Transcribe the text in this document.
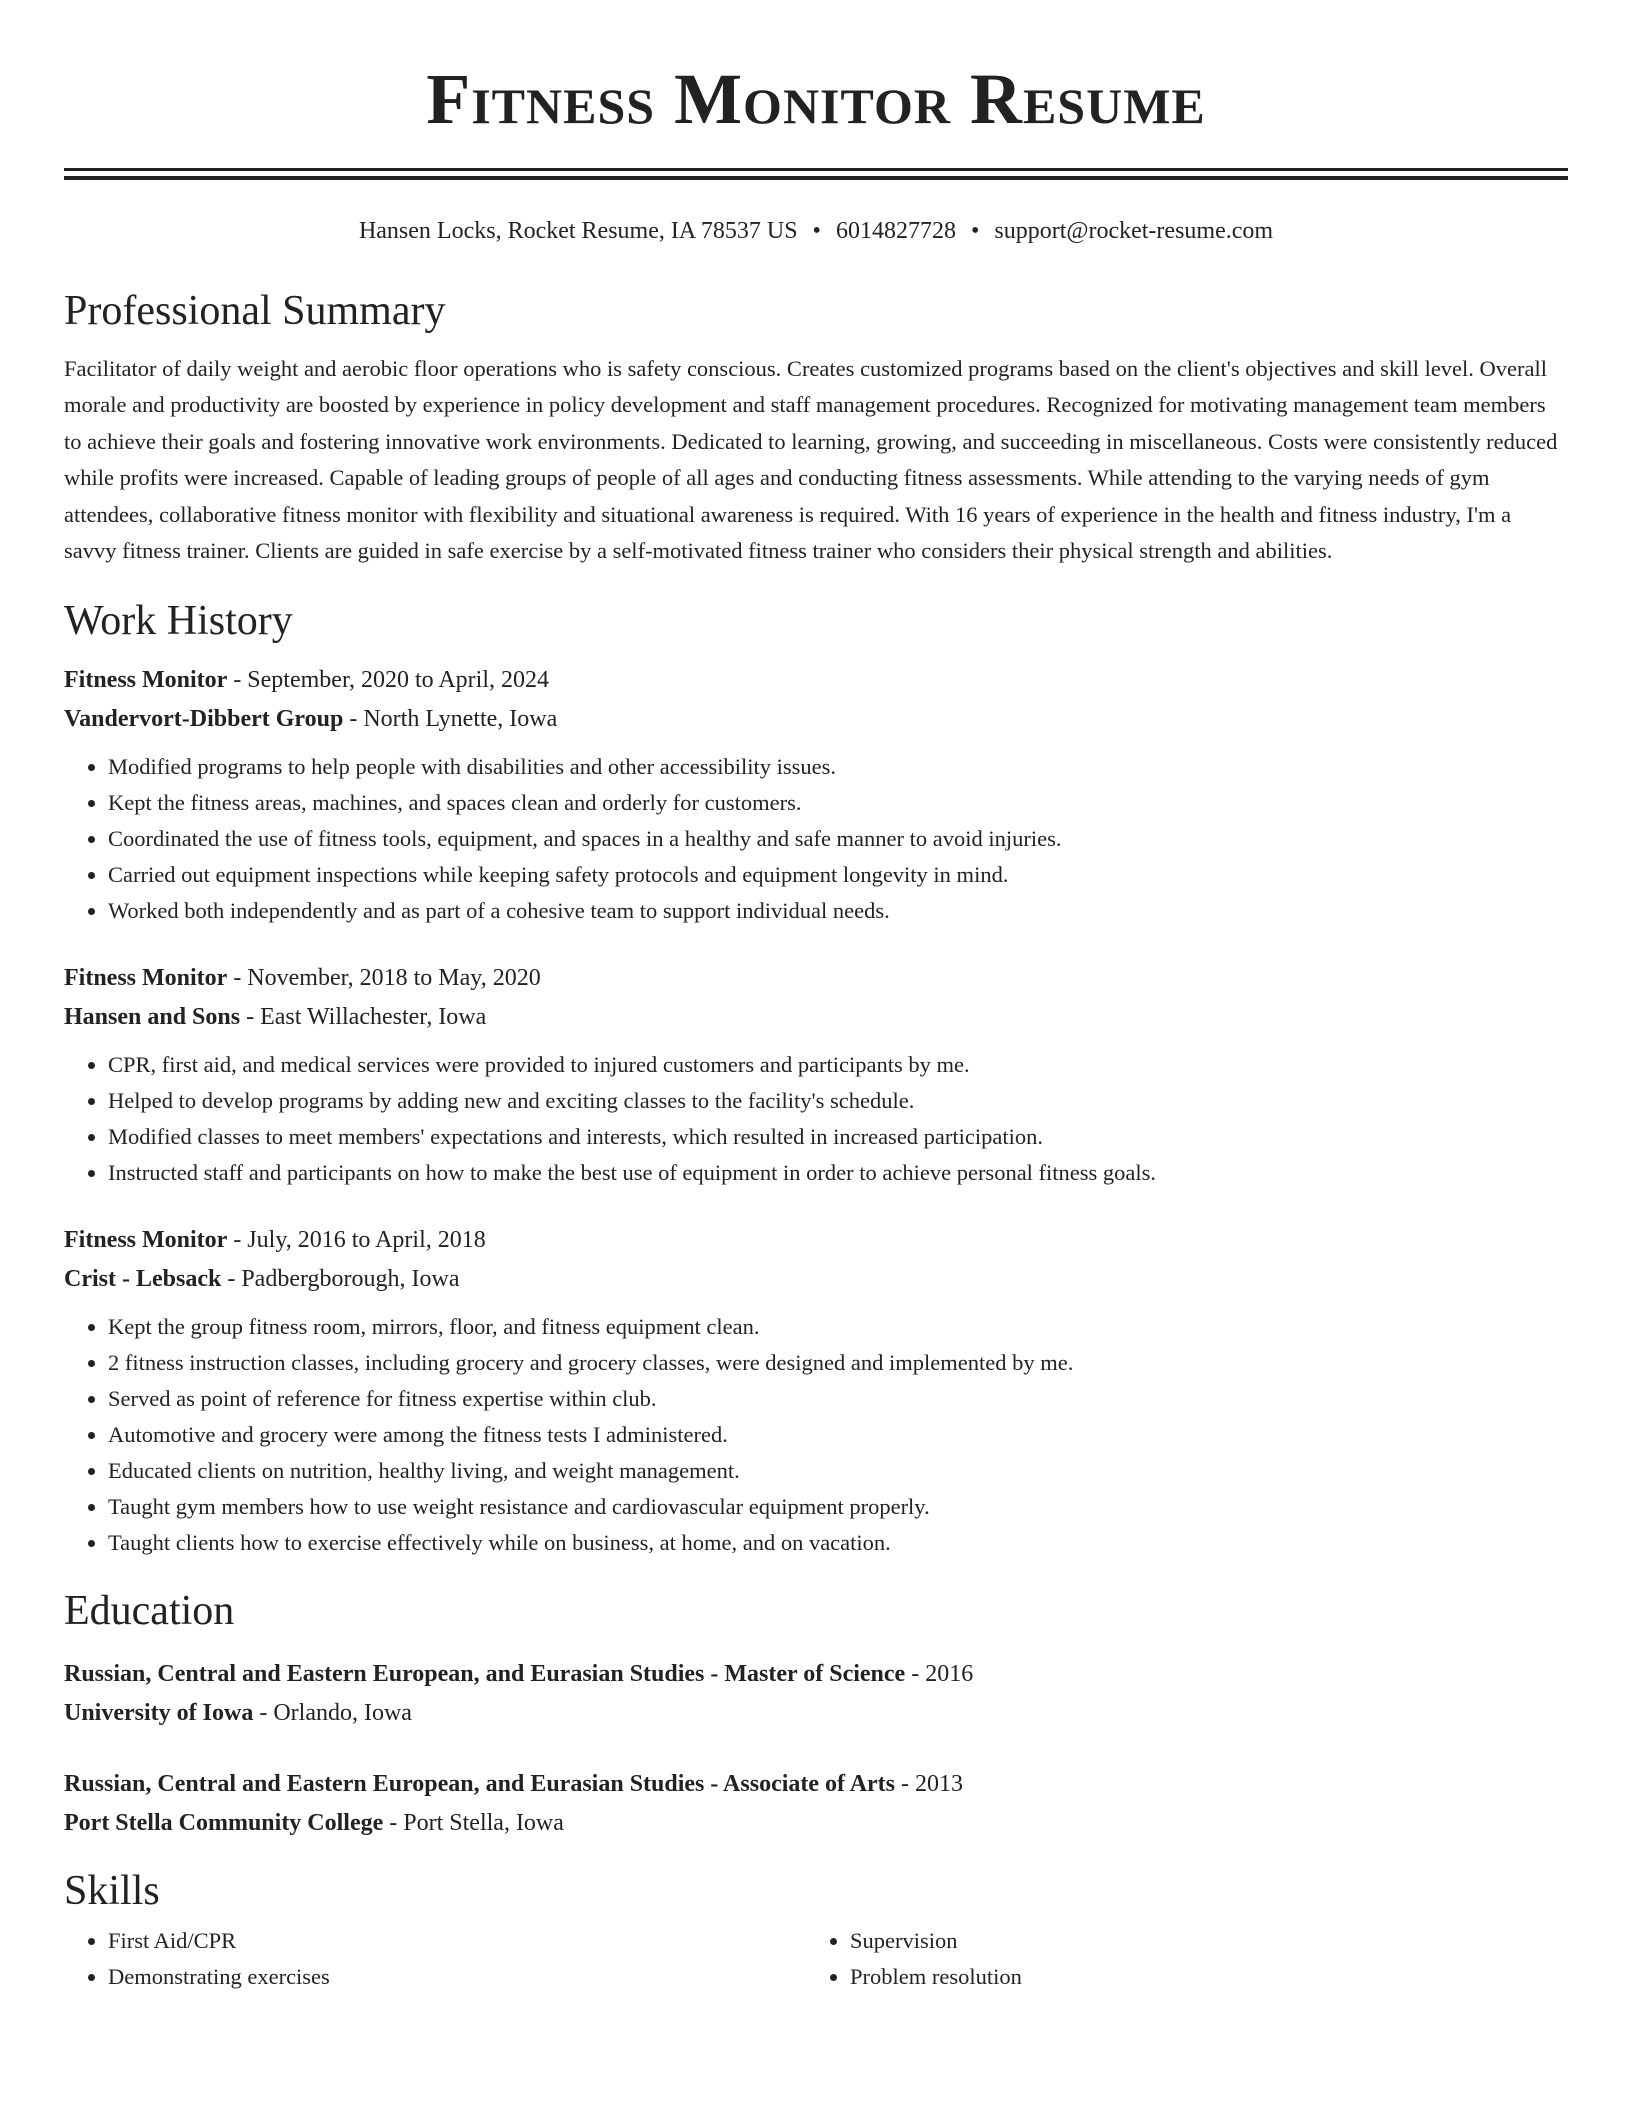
Fitness Monitor Resume
Hansen Locks, Rocket Resume, IA 78537 US • 6014827728 • support@rocket-resume.com
Professional Summary

Facilitator of daily weight and aerobic floor operations who is safety conscious. Creates customized programs based on the client's objectives and skill level. Overall morale and productivity are boosted by experience in policy development and staff management procedures. Recognized for motivating management team members to achieve their goals and fostering innovative work environments. Dedicated to learning, growing, and succeeding in miscellaneous. Costs were consistently reduced while profits were increased. Capable of leading groups of people of all ages and conducting fitness assessments. While attending to the varying needs of gym attendees, collaborative fitness monitor with flexibility and situational awareness is required. With 16 years of experience in the health and fitness industry, I'm a savvy fitness trainer. Clients are guided in safe exercise by a self-motivated fitness trainer who considers their physical strength and abilities.

Work History
Fitness Monitor - September, 2020 to April, 2024
Vandervort-Dibbert Group - North Lynette, Iowa
• Modified programs to help people with disabilities and other accessibility issues.
• Kept the fitness areas, machines, and spaces clean and orderly for customers.
• Coordinated the use of fitness tools, equipment, and spaces in a healthy and safe manner to avoid injuries.
• Carried out equipment inspections while keeping safety protocols and equipment longevity in mind.
• Worked both independently and as part of a cohesive team to support individual needs.
Fitness Monitor - November, 2018 to May, 2020
Hansen and Sons - East Willachester, Iowa
• CPR, first aid, and medical services were provided to injured customers and participants by me.
• Helped to develop programs by adding new and exciting classes to the facility's schedule.
• Modified classes to meet members' expectations and interests, which resulted in increased participation.
• Instructed staff and participants on how to make the best use of equipment in order to achieve personal fitness goals.
Fitness Monitor - July, 2016 to April, 2018
Crist - Lebsack - Padbergborough, Iowa
• Kept the group fitness room, mirrors, floor, and fitness equipment clean.
• 2 fitness instruction classes, including grocery and grocery classes, were designed and implemented by me.
• Served as point of reference for fitness expertise within club.
• Automotive and grocery were among the fitness tests I administered.
• Educated clients on nutrition, healthy living, and weight management.
• Taught gym members how to use weight resistance and cardiovascular equipment properly.
• Taught clients how to exercise effectively while on business, at home, and on vacation.
Education
Russian, Central and Eastern European, and Eurasian Studies - Master of Science - 2016
University of Iowa - Orlando, Iowa
Russian, Central and Eastern European, and Eurasian Studies - Associate of Arts - 2013
Port Stella Community College - Port Stella, Iowa
Skills
• First Aid/CPR
• Demonstrating exercises
• Supervision
• Problem resolution
